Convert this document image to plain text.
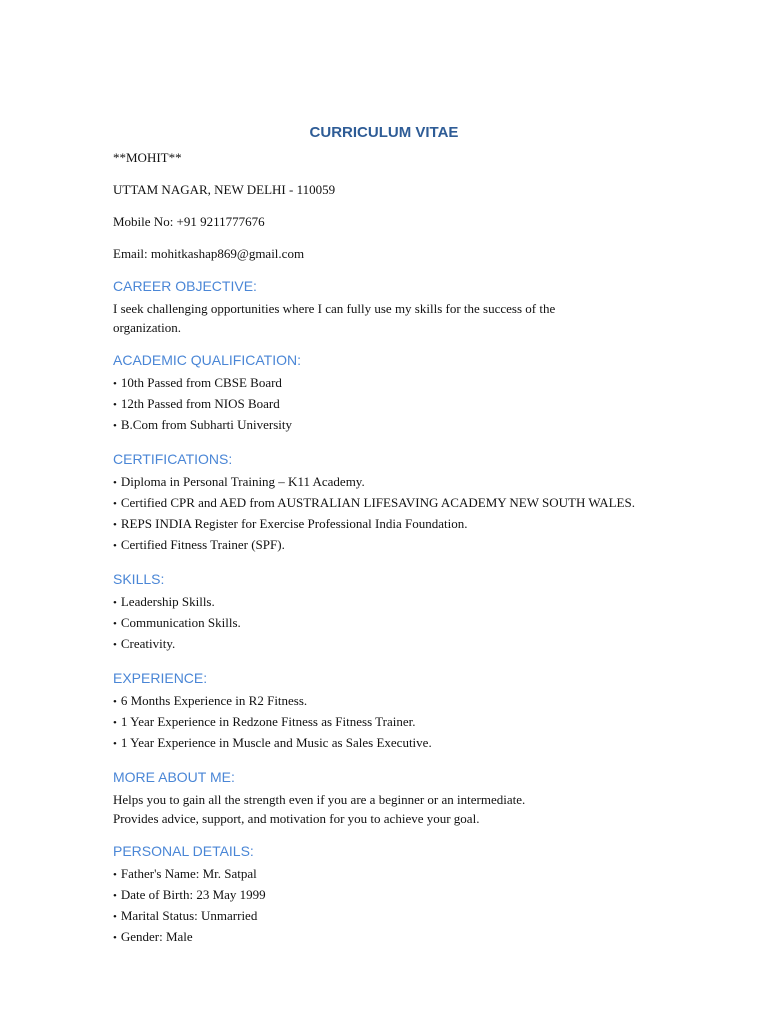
CURRICULUM VITAE

**MOHIT**

UTTAM NAGAR, NEW DELHI - 110059

Mobile No: +91 9211777676

Email: mohitkashap869@gmail.com

CAREER OBJECTIVE:

I seek challenging opportunities where I can fully use my skills for the success of the

organization.

ACADEMIC QUALIFICATION:
• 10th Passed from CBSE Board
• 12th Passed from NIOS Board
• B.Com from Subharti University
CERTIFICATIONS:
• Diploma in Personal Training – K11 Academy.
• Certified CPR and AED from AUSTRALIAN LIFESAVING ACADEMY NEW SOUTH WALES.
• REPS INDIA Register for Exercise Professional India Foundation.
• Certified Fitness Trainer (SPF).
SKILLS:
• Leadership Skills.
• Communication Skills.
• Creativity.
EXPERIENCE:
• 6 Months Experience in R2 Fitness.
• 1 Year Experience in Redzone Fitness as Fitness Trainer.
• 1 Year Experience in Muscle and Music as Sales Executive.
MORE ABOUT ME:

Helps you to gain all the strength even if you are a beginner or an intermediate.

Provides advice, support, and motivation for you to achieve your goal.

PERSONAL DETAILS:
• Father's Name: Mr. Satpal
• Date of Birth: 23 May 1999
• Marital Status: Unmarried
• Gender: Male
